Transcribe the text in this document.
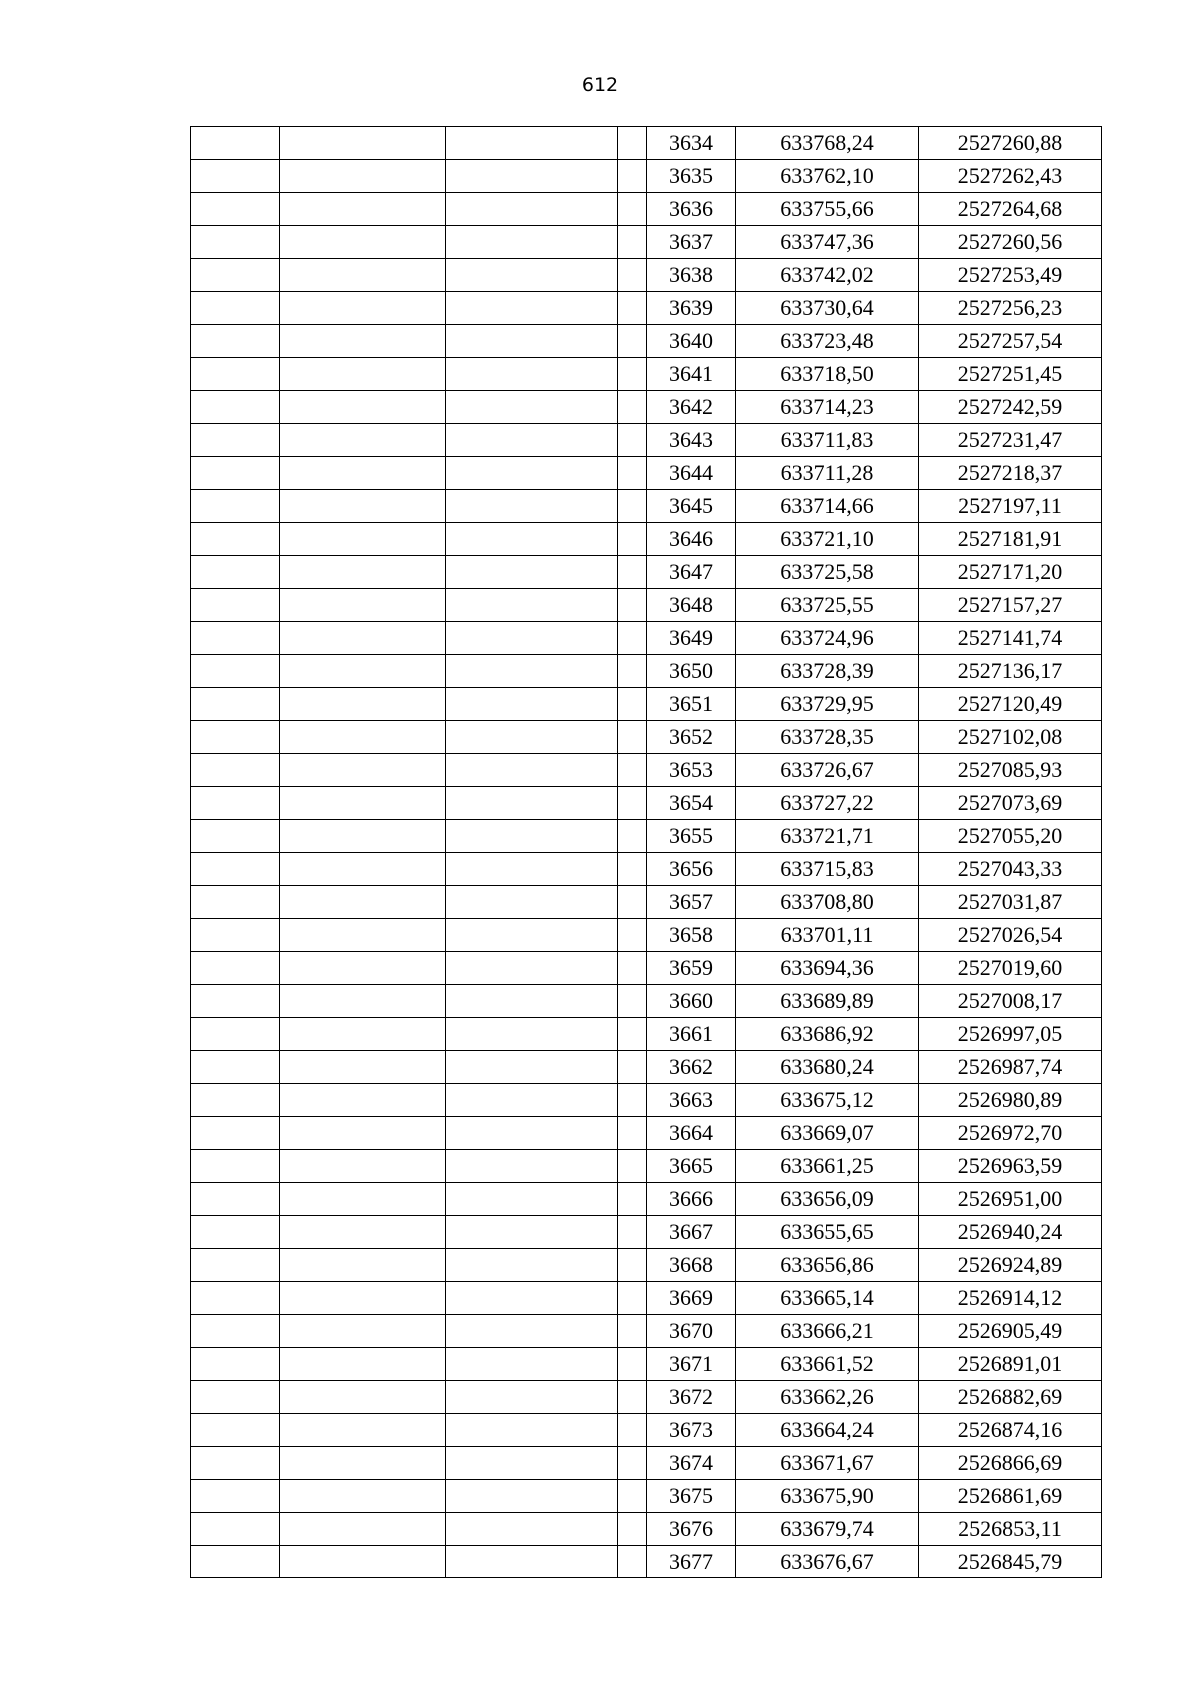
612
				3634	633768,24	2527260,88
				3635	633762,10	2527262,43
				3636	633755,66	2527264,68
				3637	633747,36	2527260,56
				3638	633742,02	2527253,49
				3639	633730,64	2527256,23
				3640	633723,48	2527257,54
				3641	633718,50	2527251,45
				3642	633714,23	2527242,59
				3643	633711,83	2527231,47
				3644	633711,28	2527218,37
				3645	633714,66	2527197,11
				3646	633721,10	2527181,91
				3647	633725,58	2527171,20
				3648	633725,55	2527157,27
				3649	633724,96	2527141,74
				3650	633728,39	2527136,17
				3651	633729,95	2527120,49
				3652	633728,35	2527102,08
				3653	633726,67	2527085,93
				3654	633727,22	2527073,69
				3655	633721,71	2527055,20
				3656	633715,83	2527043,33
				3657	633708,80	2527031,87
				3658	633701,11	2527026,54
				3659	633694,36	2527019,60
				3660	633689,89	2527008,17
				3661	633686,92	2526997,05
				3662	633680,24	2526987,74
				3663	633675,12	2526980,89
				3664	633669,07	2526972,70
				3665	633661,25	2526963,59
				3666	633656,09	2526951,00
				3667	633655,65	2526940,24
				3668	633656,86	2526924,89
				3669	633665,14	2526914,12
				3670	633666,21	2526905,49
				3671	633661,52	2526891,01
				3672	633662,26	2526882,69
				3673	633664,24	2526874,16
				3674	633671,67	2526866,69
				3675	633675,90	2526861,69
				3676	633679,74	2526853,11
				3677	633676,67	2526845,79
